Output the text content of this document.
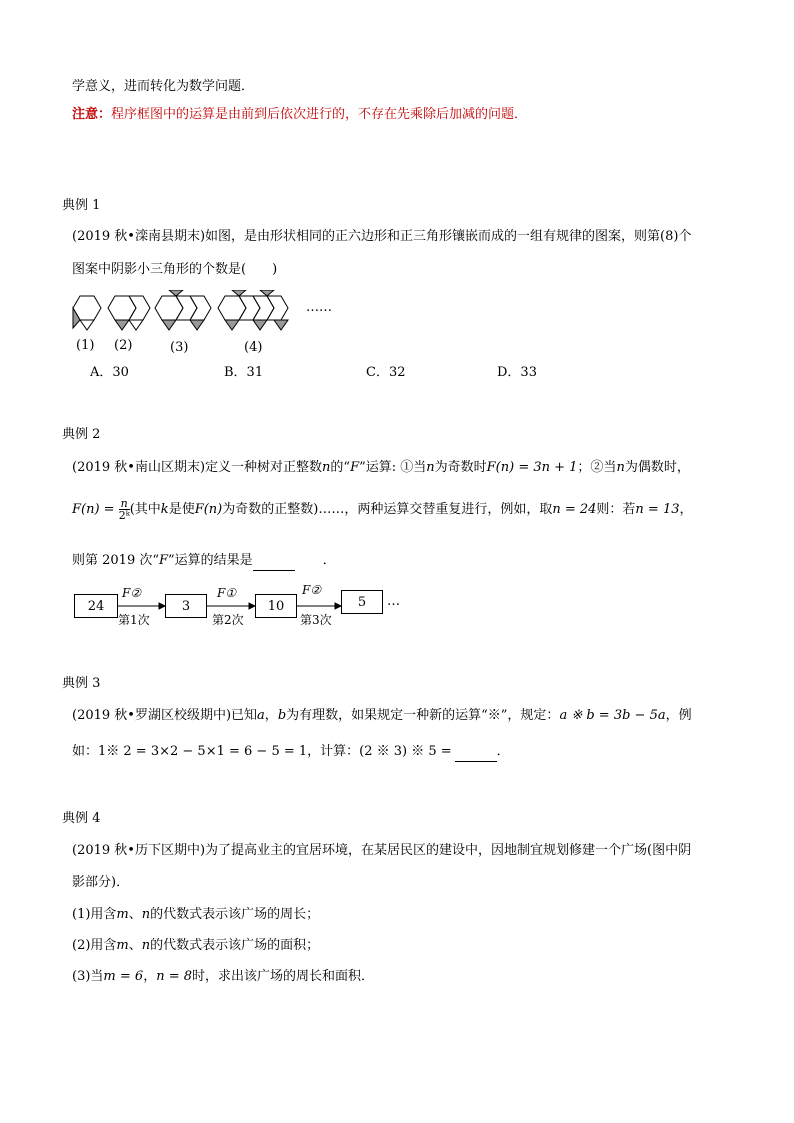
学意义，进而转化为数学问题．
注意：程序框图中的运算是由前到后依次进行的，不存在先乘除后加减的问题．
典例 1
(2019 秋•滦南县期末)如图，是由形状相同的正六边形和正三角形镶嵌而成的一组有规律的图案，则第(8)个
图案中阴影小三角形的个数是(　　)
……
(1) (2)	(3)	(4)
A．30	B．31	C．32	D．33
典例 2
(2019 秋•南山区期末)定义一种树对正整数n的“F”运算: ①当n为奇数时F(n) = 3n + 1；②当n为偶数时，
$F(n) = \frac{n}{\text{2ᵏ}}$ (其中k是使F(n)为奇数的正整数)……，两种运算交替重复进行，例如，取n = 24则：若n = 13，
则第 2019 次“F”运算的结果是	．
24	3	10	5	…
F②	F①	F②
第1次	第2次	第3次
典例 3
(2019 秋•罗湖区校级期中)已知a，b为有理数，如果规定一种新的运算“※”，规定：a ※ b = 3b − 5a，例
如：1※ 2 = 3×2 − 5×1 = 6 − 5 = 1，计算：(2 ※ 3) ※ 5 =	．
典例 4
(2019 秋•历下区期中)为了提高业主的宜居环境，在某居民区的建设中，因地制宜规划修建一个广场(图中阴
影部分)．
(1)用含m、n的代数式表示该广场的周长；
(2)用含m、n的代数式表示该广场的面积；
(3)当m = 6，n = 8时，求出该广场的周长和面积．
